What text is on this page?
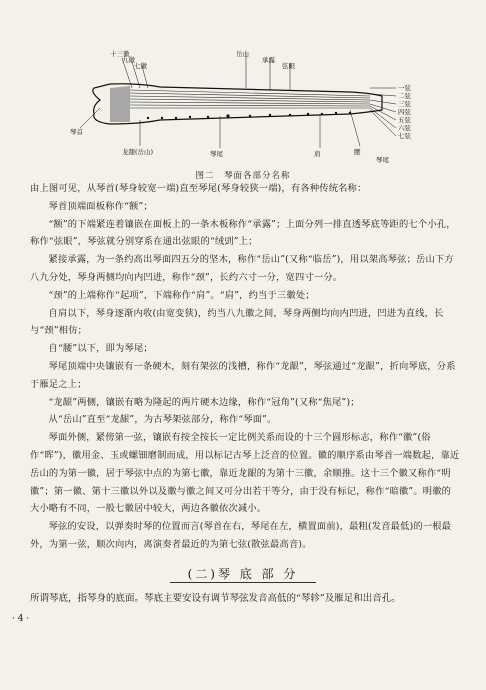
十三徽
九徽
七徽
岳山
承露
弦眼
一弦
二弦
三弦
四弦
五弦
六弦
七弦
琴首
龙龈(岳山)	琴尾	肩	腰
琴尾
图二　琴面各部分名称

由上图可见，从琴首(琴身较宽一端)直至琴尾(琴身较狭一端)，有各种传统名称：

琴首顶端面板称作“额”；

“额”的下端紧连着镶嵌在面板上的一条木板称作“承露”；上面分列一排直透琴底等距的七个小孔，称作“弦眼”，琴弦就分别穿系在通出弦眼的“绒剅”上；

紧接承露，为一条约高出琴面四五分的坚木，称作“岳山”(又称“临岳”)，用以架高琴弦；岳山下方八九分处，琴身两侧均向内凹进，称作“颈”，长约六寸一分，宽四寸一分。

“颈”的上端称作“起项”，下端称作“肩”。“肩”，约当于三徽处；

自肩以下，琴身逐渐内收(由宽变狭)，约当八九徽之间，琴身两侧均向内凹进，凹进为直线，长与“颈”相仿；

自“腰”以下，即为琴尾；

琴尾顶端中央镶嵌有一条硬木，刻有架弦的浅槽，称作“龙龈”，琴弦通过“龙龈”，折向琴底，分系于雁足之上；

“龙龈”两侧，镶嵌有略为隆起的两片硬木边缘，称作“冠角”(又称“焦尾”)；

从“岳山”直至“龙龈”，为古琴架弦部分，称作“琴面”。

琴面外侧，紧傍第一弦，镶嵌有按全按长一定比例关系而设的十三个圆形标志，称作“徽”(俗作“晖”)，徽用金、玉或螺钿磨制而成，用以标记古琴上泛音的位置。徽的顺序系由琴首一端数起，靠近岳山的为第一徽，居于琴弦中点的为第七徽，靠近龙龈的为第十三徽，余顺推。这十三个徽又称作“明徽”；第一徽、第十三徽以外以及徽与徽之间又可分出若干等分，由于没有标记，称作“暗徽”。明徽的大小略有不同，一般七徽居中较大，两边各徽依次减小。

琴弦的安设，以弹奏时琴的位置而言(琴首在右，琴尾在左，横置面前)，最粗(发音最低)的一根最外，为第一弦，顺次向内，离演奏者最近的为第七弦(散弦最高音)。

(二)琴 底 部 分
所谓琴底，指琴身的底面。琴底主要安设有调节琴弦发音高低的“琴轸”及雁足和出音孔。
· 4 ·
